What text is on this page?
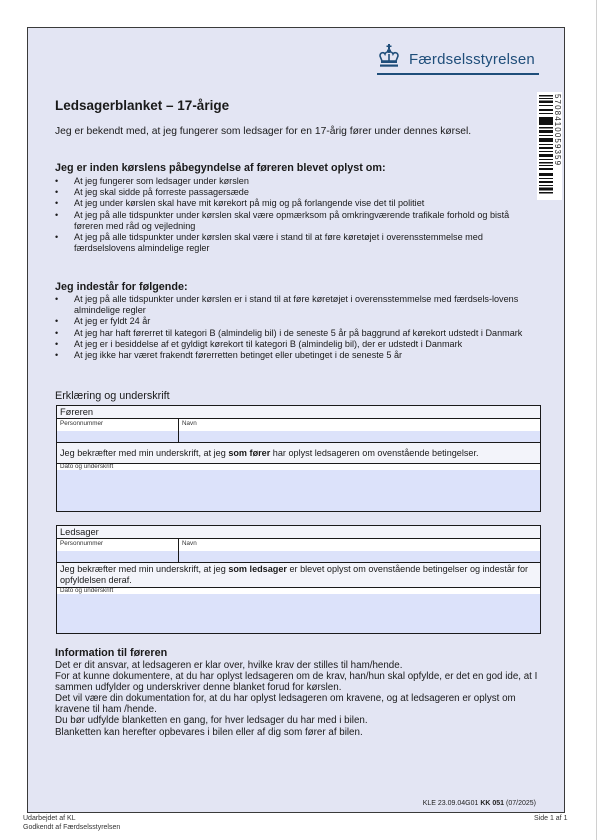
Færdselsstyrelsen
5708410059359
Ledsagerblanket – 17-årige
Jeg er bekendt med, at jeg fungerer som ledsager for en 17-årig fører under dennes kørsel.
Jeg er inden kørslens påbegyndelse af føreren blevet oplyst om:
• At jeg fungerer som ledsager under kørslen
• At jeg skal sidde på forreste passagersæde
• At jeg under kørslen skal have mit kørekort på mig og på forlangende vise det til politiet
• At jeg på alle tidspunkter under kørslen skal være opmærksom på omkringværende trafikale forhold og bistå føreren med råd og vejledning
• At jeg på alle tidspunkter under kørslen skal være i stand til at føre køretøjet i overensstemmelse med færdselslovens almindelige regler
Jeg indestår for følgende:
• At jeg på alle tidspunkter under kørslen er i stand til at føre køretøjet i overensstemmelse med færdsels-lovens almindelige regler
• At jeg er fyldt 24 år
• At jeg har haft førerret til kategori B (almindelig bil) i de seneste 5 år på baggrund af kørekort udstedt i Danmark
• At jeg er i besiddelse af et gyldigt kørekort til kategori B (almindelig bil), der er udstedt i Danmark
• At jeg ikke har været frakendt førerretten betinget eller ubetinget i de seneste 5 år
Erklæring og underskrift
Føreren
Personnummer	Navn
Jeg bekræfter med min underskrift, at jeg som fører har oplyst ledsageren om ovenstående betingelser.
Dato og underskrift
Ledsager
Personnummer	Navn
Jeg bekræfter med min underskrift, at jeg som ledsager er blevet oplyst om ovenstående betingelser og indestår for opfyldelsen deraf.
Dato og underskrift
Information til føreren

Det er dit ansvar, at ledsageren er klar over, hvilke krav der stilles til ham/hende.

For at kunne dokumentere, at du har oplyst ledsageren om de krav, han/hun skal opfylde, er det en god ide, at I sammen udfylder og underskriver denne blanket forud for kørslen.

Det vil være din dokumentation for, at du har oplyst ledsageren om kravene, og at ledsageren er oplyst om kravene til ham /hende.

Du bør udfylde blanketten en gang, for hver ledsager du har med i bilen.

Blanketten kan herefter opbevares i bilen eller af dig som fører af bilen.

KLE 23.09.04G01 KK 051 (07/2025)
Udarbejdet af KL
Godkendt af Færdselsstyrelsen
Side 1 af 1
